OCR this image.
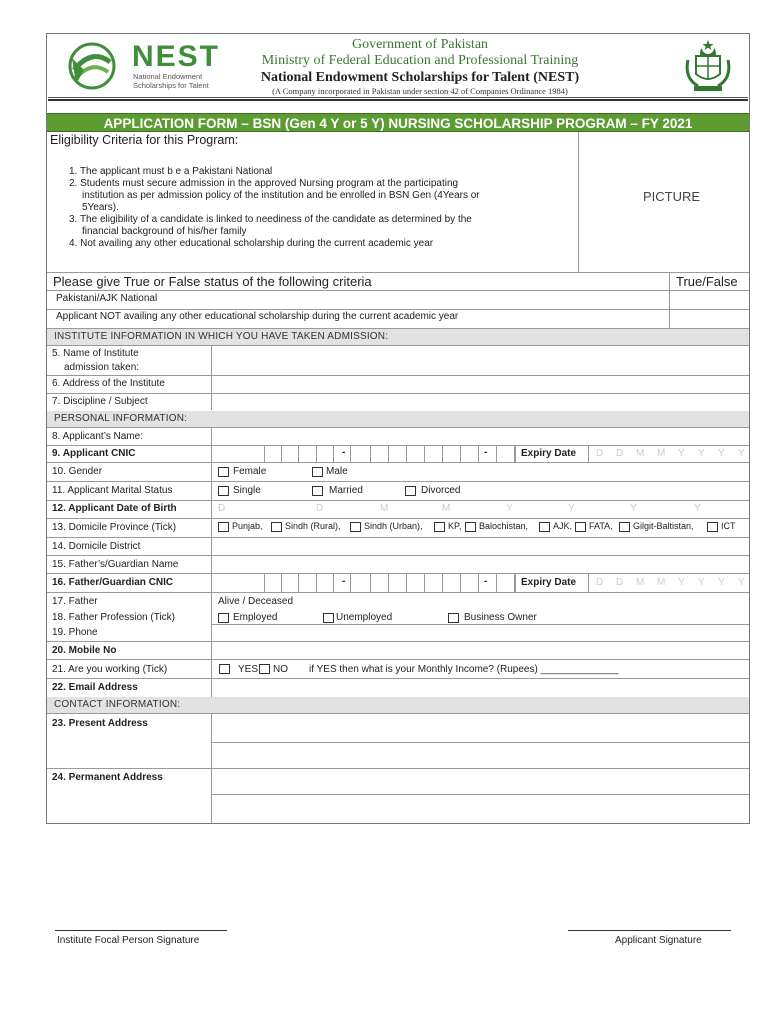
NEST
National Endowment
Scholarships for Talent
Government of Pakistan
Ministry of Federal Education and Professional Training
National Endowment Scholarships for Talent (NEST)
(A Company incorporated in Pakistan under section 42 of Companies Ordinance 1984)
APPLICATION FORM – BSN (Gen 4 Y or 5 Y) NURSING SCHOLARSHIP PROGRAM – FY 2021
Eligibility Criteria for this Program:
PICTURE
1. The applicant must b e a Pakistani National
2. Students must secure admission in the approved Nursing program at the participating
institution as per admission policy of the institution and be enrolled in BSN Gen (4Years or
5Years).
3. The eligibility of a candidate is linked to neediness of the candidate as determined by the
financial background of his/her family
4. Not availing any other educational scholarship during the current academic year
Please give True or False status of the following criteria	True/False
Pakistani/AJK National
Applicant NOT availing any other educational scholarship during the current academic year
INSTITUTE INFORMATION IN WHICH YOU HAVE TAKEN ADMISSION:
5. Name of Institute
admission taken:
6. Address of the Institute
7. Discipline / Subject
PERSONAL INFORMATION:
8. Applicant’s Name:
9. Applicant CNIC	-	-	Expiry Date D D M M Y Y Y Y
10. Gender	Female	Male
11. Applicant Marital Status	Single	Married	Divorced
12. Applicant Date of Birth	D	D	M	M	Y	Y	Y	Y
13. Domicile Province (Tick)	Punjab, Sindh (Rural),	Sindh (Urban),	KP, Balochistan,	AJK, FATA, Gilgit-Baltistan,	ICT
14. Domicile District
15. Father’s/Guardian Name
16. Father/Guardian CNIC	-	-	Expiry Date D D M M Y Y Y Y
17. Father	Alive / Deceased
18. Father Profession (Tick)	Employed	Unemployed	Business Owner
19. Phone
20. Mobile No
21. Are you working (Tick)	YES NO if YES then what is your Monthly Income? (Rupees) ______________
22. Email Address
CONTACT INFORMATION:
23. Present Address
24. Permanent Address
Institute Focal Person Signature	Applicant Signature
